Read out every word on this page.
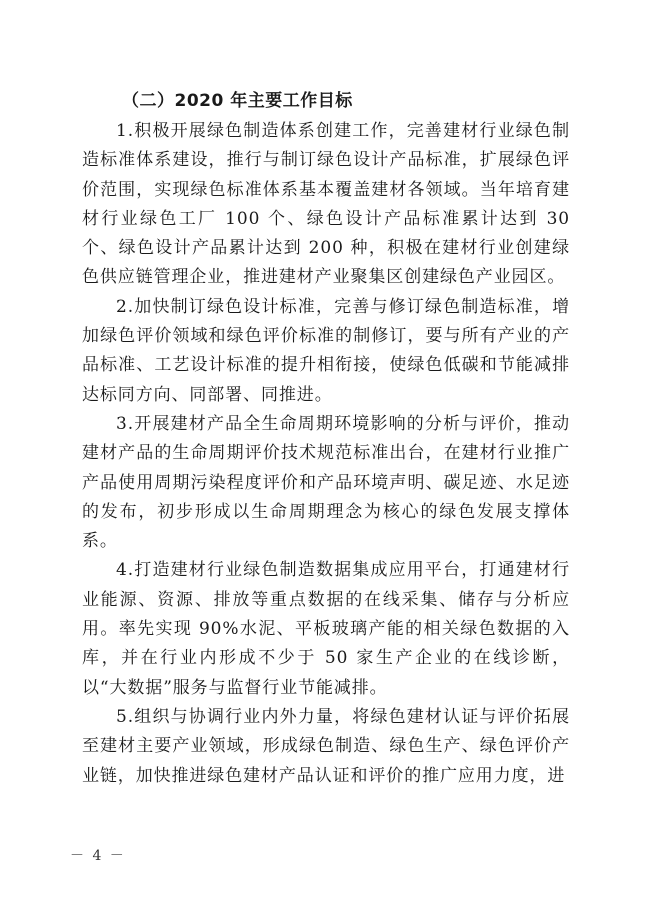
（二）2020 年主要工作目标

1.积极开展绿色制造体系创建工作，完善建材行业绿色制造标准体系建设，推行与制订绿色设计产品标准，扩展绿色评价范围，实现绿色标准体系基本覆盖建材各领域。当年培育建材行业绿色工厂 100 个、绿色设计产品标准累计达到 30 个、绿色设计产品累计达到 200 种，积极在建材行业创建绿色供应链管理企业，推进建材产业聚集区创建绿色产业园区。

2.加快制订绿色设计标准，完善与修订绿色制造标准，增加绿色评价领域和绿色评价标准的制修订，要与所有产业的产品标准、工艺设计标准的提升相衔接，使绿色低碳和节能减排达标同方向、同部署、同推进。

3.开展建材产品全生命周期环境影响的分析与评价，推动建材产品的生命周期评价技术规范标准出台，在建材行业推广产品使用周期污染程度评价和产品环境声明、碳足迹、水足迹的发布，初步形成以生命周期理念为核心的绿色发展支撑体系。

4.打造建材行业绿色制造数据集成应用平台，打通建材行业能源、资源、排放等重点数据的在线采集、储存与分析应用。率先实现 90%水泥、平板玻璃产能的相关绿色数据的入库，并在行业内形成不少于 50 家生产企业的在线诊断，以“大数据”服务与监督行业节能减排。

5.组织与协调行业内外力量，将绿色建材认证与评价拓展至建材主要产业领域，形成绿色制造、绿色生产、绿色评价产业链，加快推进绿色建材产品认证和评价的推广应用力度，进

－ 4 －
